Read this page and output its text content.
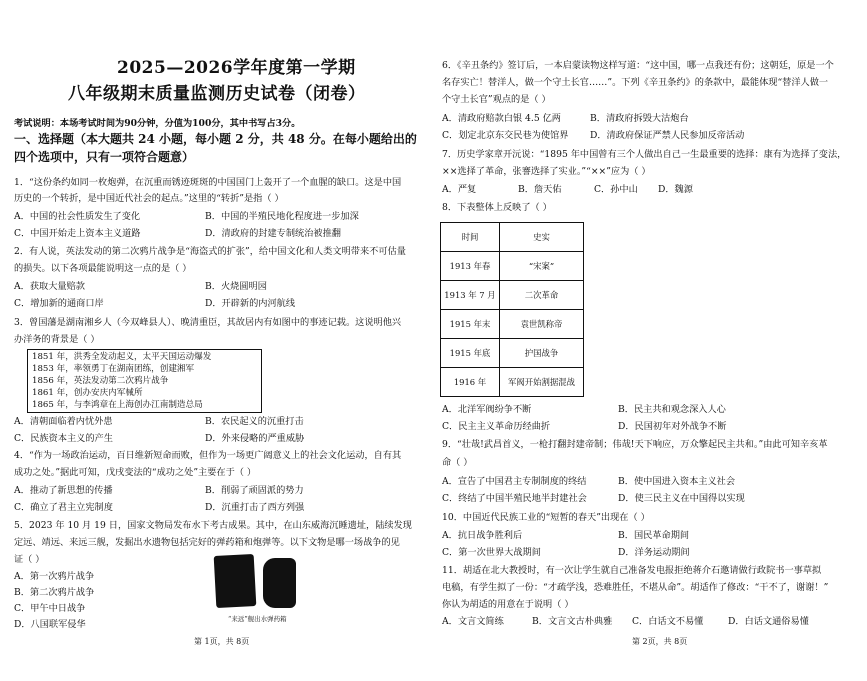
2025—2026学年度第一学期
八年级期末质量监测历史试卷（闭卷）
考试说明：本场考试时间为90分钟，分值为100分，其中书写占3分。
一、选择题（本大题共 24 小题，每小题 2 分，共 48 分。在每小题给出的
四个选项中，只有一项符合题意）
1．“这份条约如同一枚炮弹，在沉重而锈迹斑斑的中国国门上轰开了一个血腥的缺口。这是中国
历史的一个转折，是中国近代社会的起点。”这里的“转折”是指（ ）
A．中国的社会性质发生了变化	B．中国的半殖民地化程度进一步加深
C．中国开始走上资本主义道路	D．清政府的封建专制统治被推翻
2．有人说，英法发动的第二次鸦片战争是“海盗式的扩张”，给中国文化和人类文明带来不可估量
的损失。以下各项最能说明这一点的是（ ）
A．获取大量赔款	B．火烧圆明园
C．增加新的通商口岸	D．开辟新的内河航线
3．曾国藩是湖南湘乡人（今双峰县人）、晚清重臣，其故居内有如图中的事迹记载。这说明他兴
办洋务的背景是（ ）
1851 年，洪秀全发动起义，太平天国运动爆发
1853 年，率领勇丁在湖南团练，创建湘军
1856 年，英法发动第二次鸦片战争
1861 年，创办安庆内军械所
1865 年，与李鸿章在上海创办江南制造总局
A．清朝面临着内忧外患	B．农民起义的沉重打击
C．民族资本主义的产生	D．外来侵略的严重威胁
4．“作为一场政治运动，百日维新短命而败，但作为一场更广阔意义上的社会文化运动，自有其
成功之处。”据此可知，戊戌变法的“成功之处”主要在于（ ）
A．推动了新思想的传播	B．削弱了顽固派的势力
C．确立了君主立宪制度	D．沉重打击了西方列强
5．2023 年 10 月 19 日，国家文物局发布水下考古成果。其中，在山东威海沉睡遗址，陆续发现
定远、靖远、来远三舰，发掘出水遗物包括完好的弹药箱和炮弹等。以下文物是哪一场战争的见
证（ ）
A．第一次鸦片战争
B．第二次鸦片战争
C．甲午中日战争
D．八国联军侵华	“来远”舰出水弹药箱
第 1页，共 8页
6．《辛丑条约》签订后，一本启蒙读物这样写道：“这中国，哪一点我还有份；这朝廷，原是一个
名存实亡！替洋人，做一个守土长官……”。下列《辛丑条约》的条款中，最能体现“替洋人做一
个守土长官”观点的是（ ）
A．清政府赔款白银 4.5 亿两	B．清政府拆毁大沽炮台
C．划定北京东交民巷为使馆界 D．清政府保证严禁人民参加反帝活动
7．历史学家章开沅说：“1895 年中国曾有三个人做出自己一生最重要的选择：康有为选择了变法，
××选择了革命，张謇选择了实业。”“××”应为（ ）
A．严复	B．詹天佑	C．孙中山 D．魏源
8．下表整体上反映了（ ）
时间	史实
1913 年春	“宋案”
1913 年 7 月	二次革命
1915 年末	袁世凯称帝
1915 年底	护国战争
1916 年	军阀开始割据混战
A．北洋军阀纷争不断	B．民主共和观念深入人心
C．民主主义革命历经曲折	D．民国初年对外战争不断
9．“壮哉!武昌首义，一枪打翻封建帝制；伟哉!天下响应，万众擎起民主共和。”由此可知辛亥革
命（ ）
A．宣告了中国君主专制制度的终结	B．使中国进入资本主义社会
C．终结了中国半殖民地半封建社会	D．使三民主义在中国得以实现
10．中国近代民族工业的“短暂的春天”出现在（ ）
A．抗日战争胜利后	B．国民革命期间
C．第一次世界大战期间	D．洋务运动期间
11．胡适在北大教授时，有一次让学生就自己准备发电报拒绝蒋介石邀请做行政院书一事草拟
电稿，有学生拟了一份：“才疏学浅，恐难胜任，不堪从命”。胡适作了修改：“干不了，谢谢！”
你认为胡适的用意在于说明（ ）
A．文言文简练	B．文言文古朴典雅 C．白话文不易懂	D．白话文通俗易懂
第 2页，共 8页
